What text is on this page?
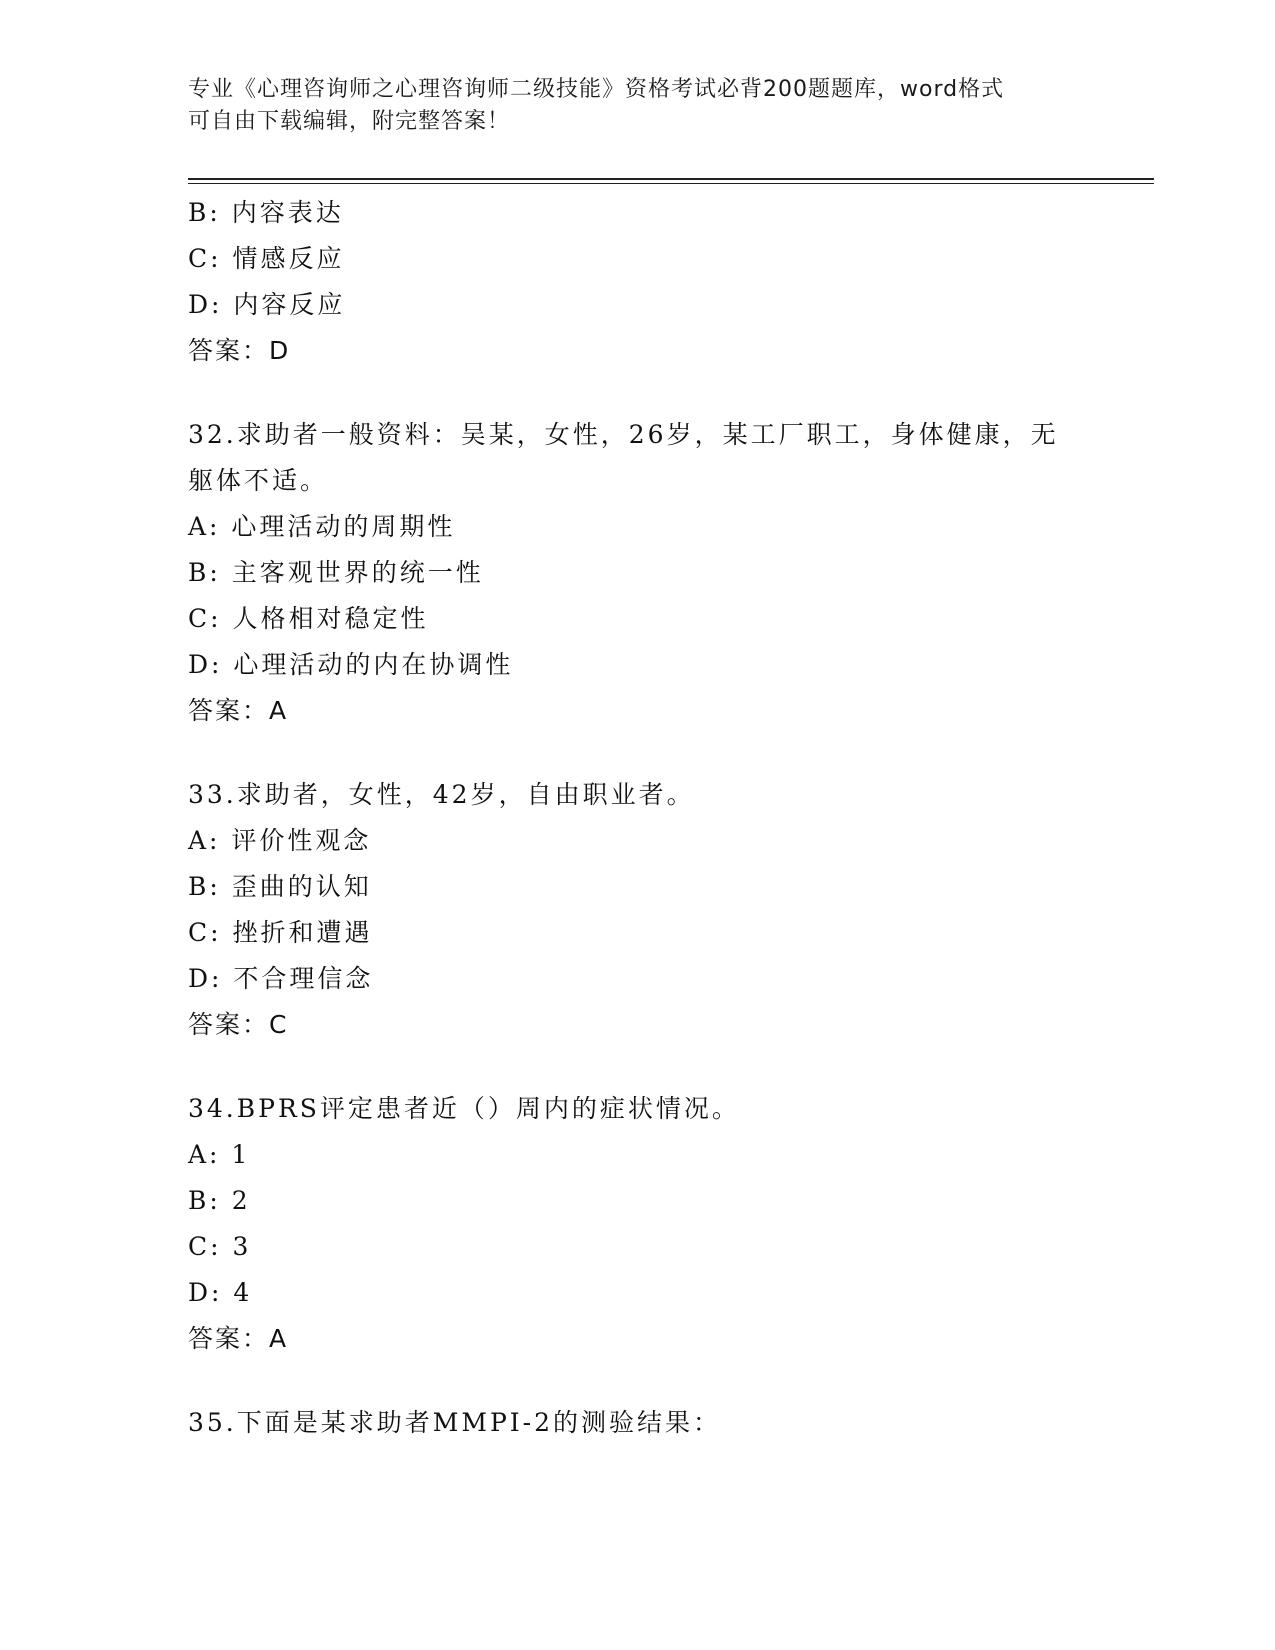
专业《心理咨询师之心理咨询师二级技能》资格考试必背200题题库，word格式
可自由下载编辑，附完整答案！
B: 内容表达
C: 情感反应
D: 内容反应
答案：D
32.求助者一般资料：吴某，女性，26岁，某工厂职工，身体健康，无
躯体不适。
A: 心理活动的周期性
B: 主客观世界的统一性
C: 人格相对稳定性
D: 心理活动的内在协调性
答案：A
33.求助者，女性，42岁，自由职业者。
A: 评价性观念
B: 歪曲的认知
C: 挫折和遭遇
D: 不合理信念
答案：C
34.BPRS评定患者近（）周内的症状情况。
A: 1
B: 2
C: 3
D: 4
答案：A
35.下面是某求助者MMPI-2的测验结果：
